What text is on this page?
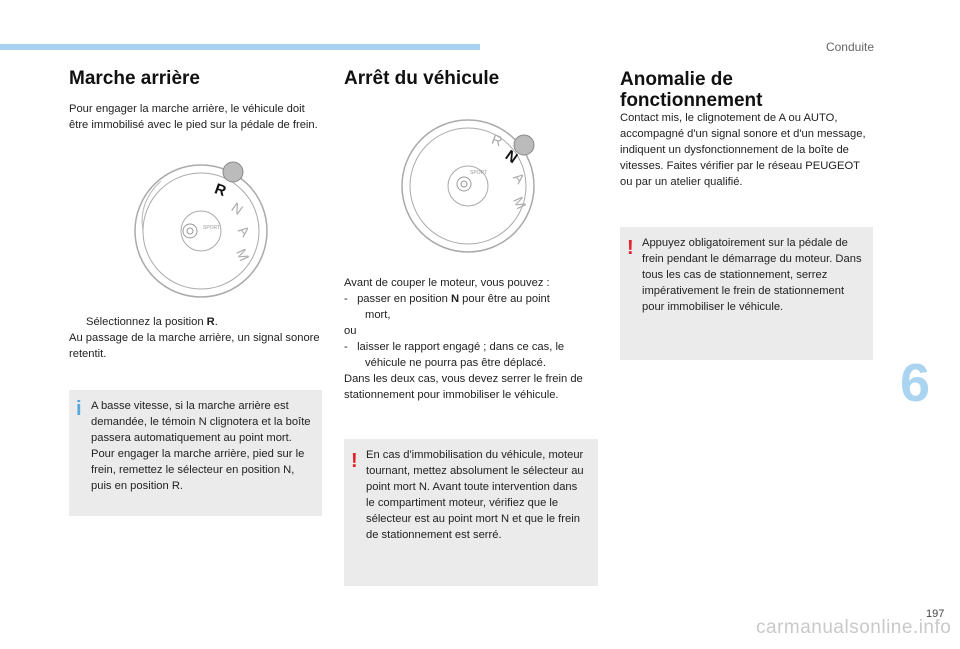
Conduite
Marche arrière

Pour engager la marche arrière, le véhicule doit être immobilisé avec le pied sur la pédale de frein.

R
N
A
M
SPORT
Sélectionnez la position R.
Au passage de la marche arrière, un signal sonore retentit.
i A basse vitesse, si la marche arrière est demandée, le témoin N clignotera et la boîte passera automatiquement au point mort. Pour engager la marche arrière, pied sur le frein, remettez le sélecteur en position N, puis en position R.
Arrêt du véhicule
R
N
A
M
SPORT
Avant de couper le moteur, vous pouvez :
-   passer en position N pour être au point
mort,
ou
-   laisser le rapport engagé ; dans ce cas, le
véhicule ne pourra pas être déplacé.
Dans les deux cas, vous devez serrer le frein de stationnement pour immobiliser le véhicule.
! En cas d'immobilisation du véhicule, moteur tournant, mettez absolument le sélecteur au point mort N. Avant toute intervention dans le compartiment moteur, vérifiez que le sélecteur est au point mort N et que le frein de stationnement est serré.
Anomalie de
fonctionnement

Contact mis, le clignotement de A ou AUTO, accompagné d'un signal sonore et d'un message, indiquent un dysfonctionnement de la boîte de vitesses. Faites vérifier par le réseau PEUGEOT ou par un atelier qualifié.

! Appuyez obligatoirement sur la pédale de frein pendant le démarrage du moteur. Dans tous les cas de stationnement, serrez impérativement le frein de stationnement pour immobiliser le véhicule.
6
197
carmanualsonline.info
